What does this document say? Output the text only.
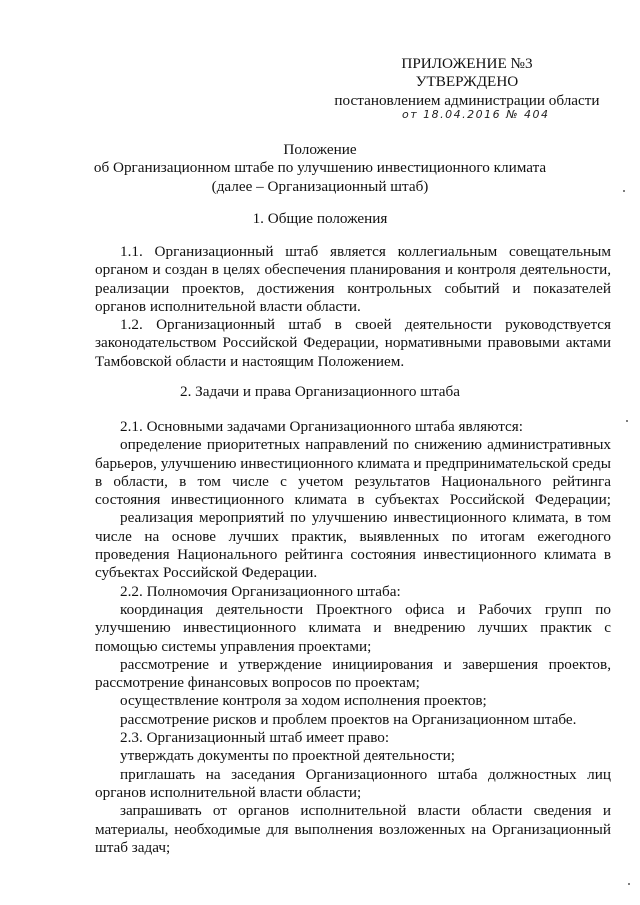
ПРИЛОЖЕНИЕ №3
УТВЕРЖДЕНО
постановлением администрации области
от 18.04.2016 № 404
Положение
об Организационном штабе по улучшению инвестиционного климата
(далее – Организационный штаб)
1. Общие положения

1.1. Организационный штаб является коллегиальным совещательным органом и создан в целях обеспечения планирования и контроля деятельности, реализации проектов, достижения контрольных событий и показателей органов исполнительной власти области.

1.2. Организационный штаб в своей деятельности руководствуется законодательством Российской Федерации, нормативными правовыми актами Тамбовской области и настоящим Положением.

2. Задачи и права Организационного штаба

2.1. Основными задачами Организационного штаба являются:

определение приоритетных направлений по снижению административных барьеров, улучшению инвестиционного климата и предпринимательской среды в области, в том числе с учетом результатов Национального рейтинга состояния инвестиционного климата в субъектах Российской Федерации;

реализация мероприятий по улучшению инвестиционного климата, в том числе на основе лучших практик, выявленных по итогам ежегодного проведения Национального рейтинга состояния инвестиционного климата в субъектах Российской Федерации.

2.2. Полномочия Организационного штаба:

координация деятельности Проектного офиса и Рабочих групп по улучшению инвестиционного климата и внедрению лучших практик с помощью системы управления проектами;

рассмотрение и утверждение инициирования и завершения проектов, рассмотрение финансовых вопросов по проектам;

осуществление контроля за ходом исполнения проектов;

рассмотрение рисков и проблем проектов на Организационном штабе.

2.3. Организационный штаб имеет право:

утверждать документы по проектной деятельности;

приглашать на заседания Организационного штаба должностных лиц органов исполнительной власти области;

запрашивать от органов исполнительной власти области сведения и материалы, необходимые для выполнения возложенных на Организационный штаб задач;
